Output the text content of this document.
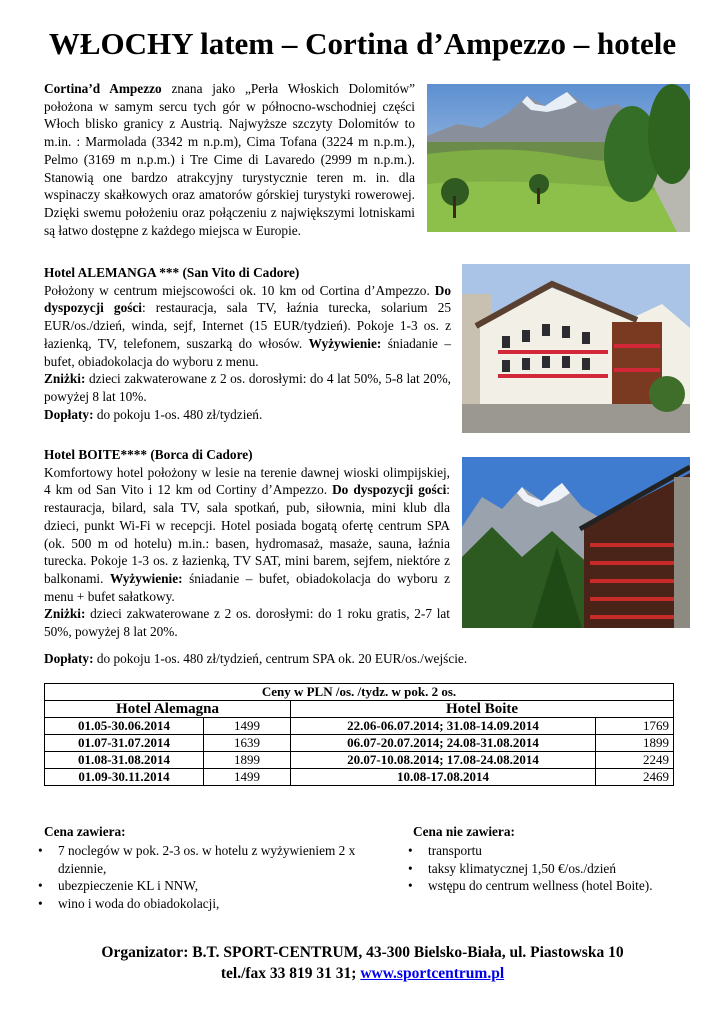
WŁOCHY latem – Cortina d’Ampezzo – hotele
Cortina’d Ampezzo znana jako „Perła Włoskich Dolomitów” położona w samym sercu tych gór w północno-wschodniej części Włoch blisko granicy z Austrią. Najwyższe szczyty Dolomitów to m.in. : Marmolada (3342 m n.p.m), Cima Tofana (3224 m n.p.m.), Pelmo (3169 m n.p.m.) i Tre Cime di Lavaredo (2999 m n.p.m.). Stanowią one bardzo atrakcyjny turystycznie teren m. in. dla wspinaczy skałkowych oraz amatorów górskiej turystyki rowerowej. Dzięki swemu położeniu oraz połączeniu z największymi lotniskami są łatwo dostępne z każdego miejsca w Europie.
Hotel ALEMANGA *** (San Vito di Cadore)
Położony w centrum miejscowości ok. 10 km od Cortina d’Ampezzo. Do dyspozycji gości: restauracja, sala TV, łaźnia turecka, solarium 25 EUR/os./dzień, winda, sejf, Internet (15 EUR/tydzień). Pokoje 1-3 os. z łazienką, TV, telefonem, suszarką do włosów. Wyżywienie: śniadanie – bufet, obiadokolacja do wyboru z menu.
Zniżki: dzieci zakwaterowane z 2 os. dorosłymi: do 4 lat 50%, 5-8 lat 20%, powyżej 8 lat 10%.
Dopłaty: do pokoju 1-os. 480 zł/tydzień.
Hotel BOITE**** (Borca di Cadore)
Komfortowy hotel położony w lesie na terenie dawnej wioski olimpijskiej, 4 km od San Vito i 12 km od Cortiny d’Ampezzo. Do dyspozycji gości: restauracja, bilard, sala TV, sala spotkań, pub, siłownia, mini klub dla dzieci, punkt Wi-Fi w recepcji. Hotel posiada bogatą ofertę centrum SPA (ok. 500 m od hotelu) m.in.: basen, hydromasaż, masaże, sauna, łaźnia turecka. Pokoje 1-3 os. z łazienką, TV SAT, mini barem, sejfem, niektóre z balkonami. Wyżywienie: śniadanie – bufet, obiadokolacja do wyboru z menu + bufet sałatkowy.
Zniżki: dzieci zakwaterowane z 2 os. dorosłymi: do 1 roku gratis, 2-7 lat 50%, powyżej 8 lat 20%.
Dopłaty: do pokoju 1-os. 480 zł/tydzień, centrum SPA ok. 20 EUR/os./wejście.
Ceny w PLN /os. /tydz. w pok. 2 os.			
Hotel Alemagna		Hotel Boite	
01.05-30.06.2014	1499	22.06-06.07.2014; 31.08-14.09.2014	1769
01.07-31.07.2014	1639	06.07-20.07.2014; 24.08-31.08.2014	1899
01.08-31.08.2014	1899	20.07-10.08.2014; 17.08-24.08.2014	2249
01.09-30.11.2014	1499	10.08-17.08.2014	2469
Cena zawiera:
• 7 noclegów w pok. 2-3 os. w hotelu z wyżywieniem 2 x dziennie,
• ubezpieczenie KL i NNW,
• wino i woda do obiadokolacji,
Cena nie zawiera:
• transportu
• taksy klimatycznej 1,50 €/os./dzień
• wstępu do centrum wellness (hotel Boite).
Organizator: B.T. SPORT-CENTRUM, 43-300 Bielsko-Biała, ul. Piastowska 10
tel./fax 33 819 31 31; www.sportcentrum.pl
